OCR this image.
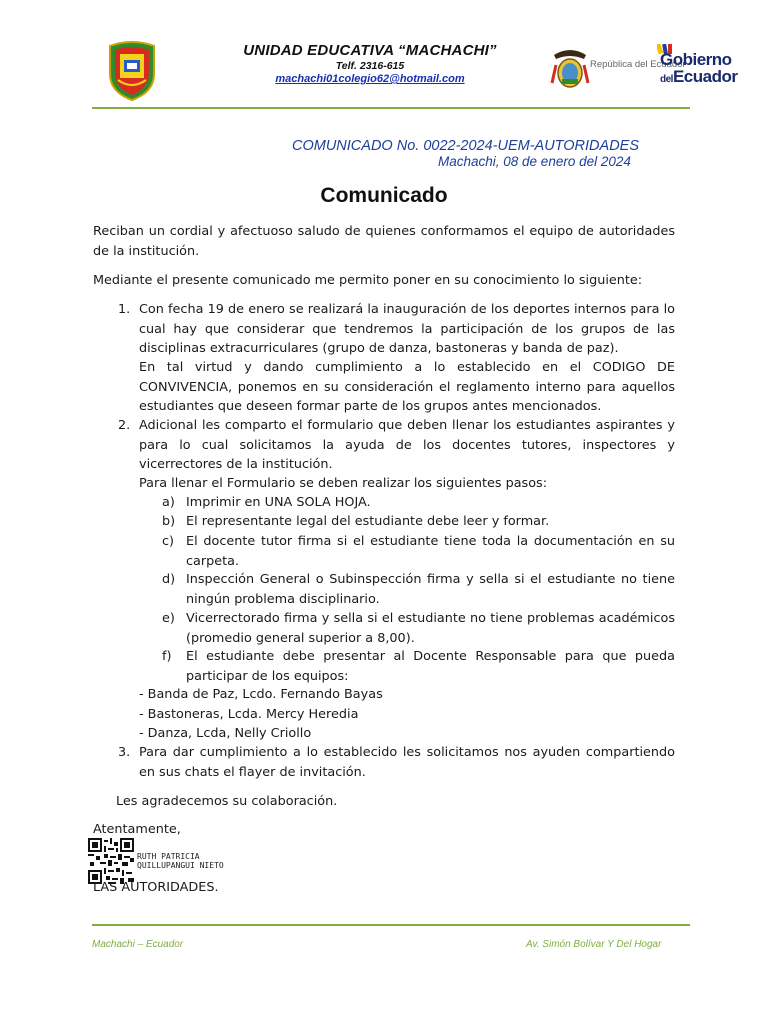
UNIDAD EDUCATIVA “MACHACHI”
Telf. 2316-615
machachi01colegio62@hotmail.com
República del Ecuador
Gobierno
delEcuador
COMUNICADO No. 0022-2024-UEM-AUTORIDADES
Machachi, 08 de enero del 2024
Comunicado
Reciban un cordial y afectuoso saludo de quienes conformamos el equipo de autoridades de la institución.
Mediante el presente comunicado me permito poner en su conocimiento lo siguiente:
1. Con fecha 19 de enero se realizará la inauguración de los deportes internos para lo cual hay que considerar que tendremos la participación de los grupos de las disciplinas extracurriculares (grupo de danza, bastoneras y banda de paz).
En tal virtud y dando cumplimiento a lo establecido en el CODIGO DE CONVIVENCIA, ponemos en su consideración el reglamento interno para aquellos estudiantes que deseen formar parte de los grupos antes mencionados.
2. Adicional les comparto el formulario que deben llenar los estudiantes aspirantes y para lo cual solicitamos la ayuda de los docentes tutores, inspectores y vicerrectores de la institución.
Para llenar el Formulario se deben realizar los siguientes pasos:
a) Imprimir en UNA SOLA HOJA.
b) El representante legal del estudiante debe leer y formar.
c) El docente tutor firma si el estudiante tiene toda la documentación en su carpeta.
d) Inspección General o Subinspección firma y sella si el estudiante no tiene ningún problema disciplinario.
e) Vicerrectorado firma y sella si el estudiante no tiene problemas académicos (promedio general superior a 8,00).
f)	El estudiante debe presentar al Docente Responsable para que pueda participar de los equipos:
- Banda de Paz, Lcdo. Fernando Bayas
- Bastoneras, Lcda. Mercy Heredia
- Danza, Lcda, Nelly Criollo
3. Para dar cumplimiento a lo establecido les solicitamos nos ayuden compartiendo en sus chats el flayer de invitación.
Les agradecemos su colaboración.
Atentamente,
RUTH PATRICIA
QUILLUPANGUI NIETO
LAS AUTORIDADES.
Machachi – Ecuador	Av. Simón Bolívar Y Del Hogar
